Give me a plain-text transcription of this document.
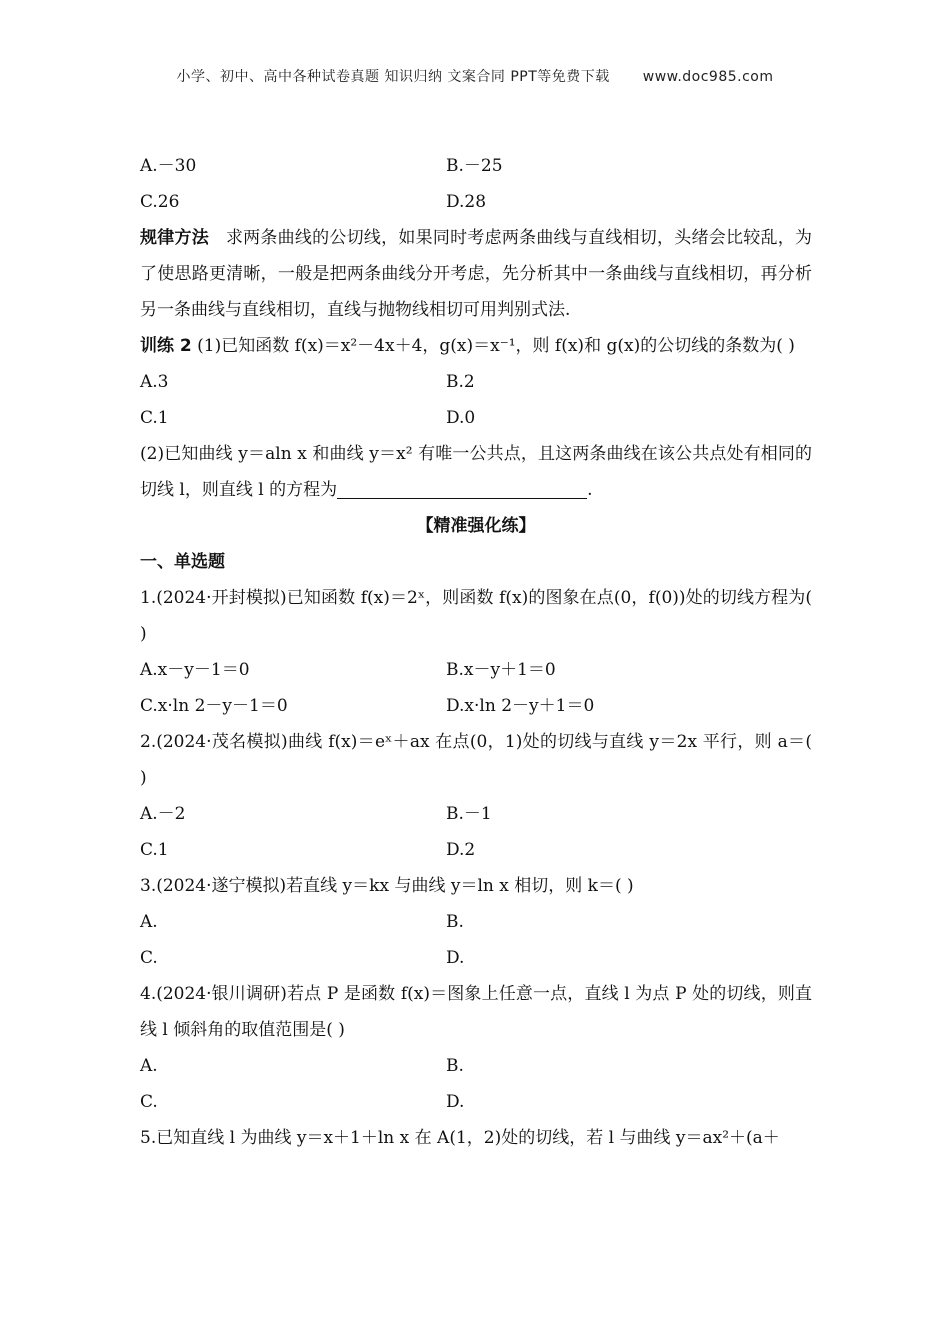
小学、初中、高中各种试卷真题 知识归纳 文案合同 PPT等免费下载 www.doc985.com
A.－30	B.－25
C.26	D.28
规律方法 求两条曲线的公切线，如果同时考虑两条曲线与直线相切，头绪会比较乱，为了使思路更清晰，一般是把两条曲线分开考虑，先分析其中一条曲线与直线相切，再分析另一条曲线与直线相切，直线与抛物线相切可用判别式法.
训练 2 (1)已知函数 f(x)＝x²－4x＋4，g(x)＝x⁻¹，则 f(x)和 g(x)的公切线的条数为( )
A.3	B.2
C.1	D.0
(2)已知曲线 y＝aln x 和曲线 y＝x² 有唯一公共点，且这两条曲线在该公共点处有相同的切线 l，则直线 l 的方程为	.
【精准强化练】
一、单选题
1.(2024·开封模拟)已知函数 f(x)＝2ˣ，则函数 f(x)的图象在点(0，f(0))处的切线方程为( )
A.x－y－1＝0	B.x－y＋1＝0
C.x·ln 2－y－1＝0	D.x·ln 2－y＋1＝0
2.(2024·茂名模拟)曲线 f(x)＝eˣ＋ax 在点(0，1)处的切线与直线 y＝2x 平行，则 a＝( )
A.－2	B.－1
C.1	D.2
3.(2024·遂宁模拟)若直线 y＝kx 与曲线 y＝ln x 相切，则 k＝( )
A.	B.
C.	D.
4.(2024·银川调研)若点 P 是函数 f(x)＝图象上任意一点，直线 l 为点 P 处的切线，则直线 l 倾斜角的取值范围是( )
A.	B.
C.	D.
5.已知直线 l 为曲线 y＝x＋1＋ln x 在 A(1，2)处的切线，若 l 与曲线 y＝ax²＋(a＋
